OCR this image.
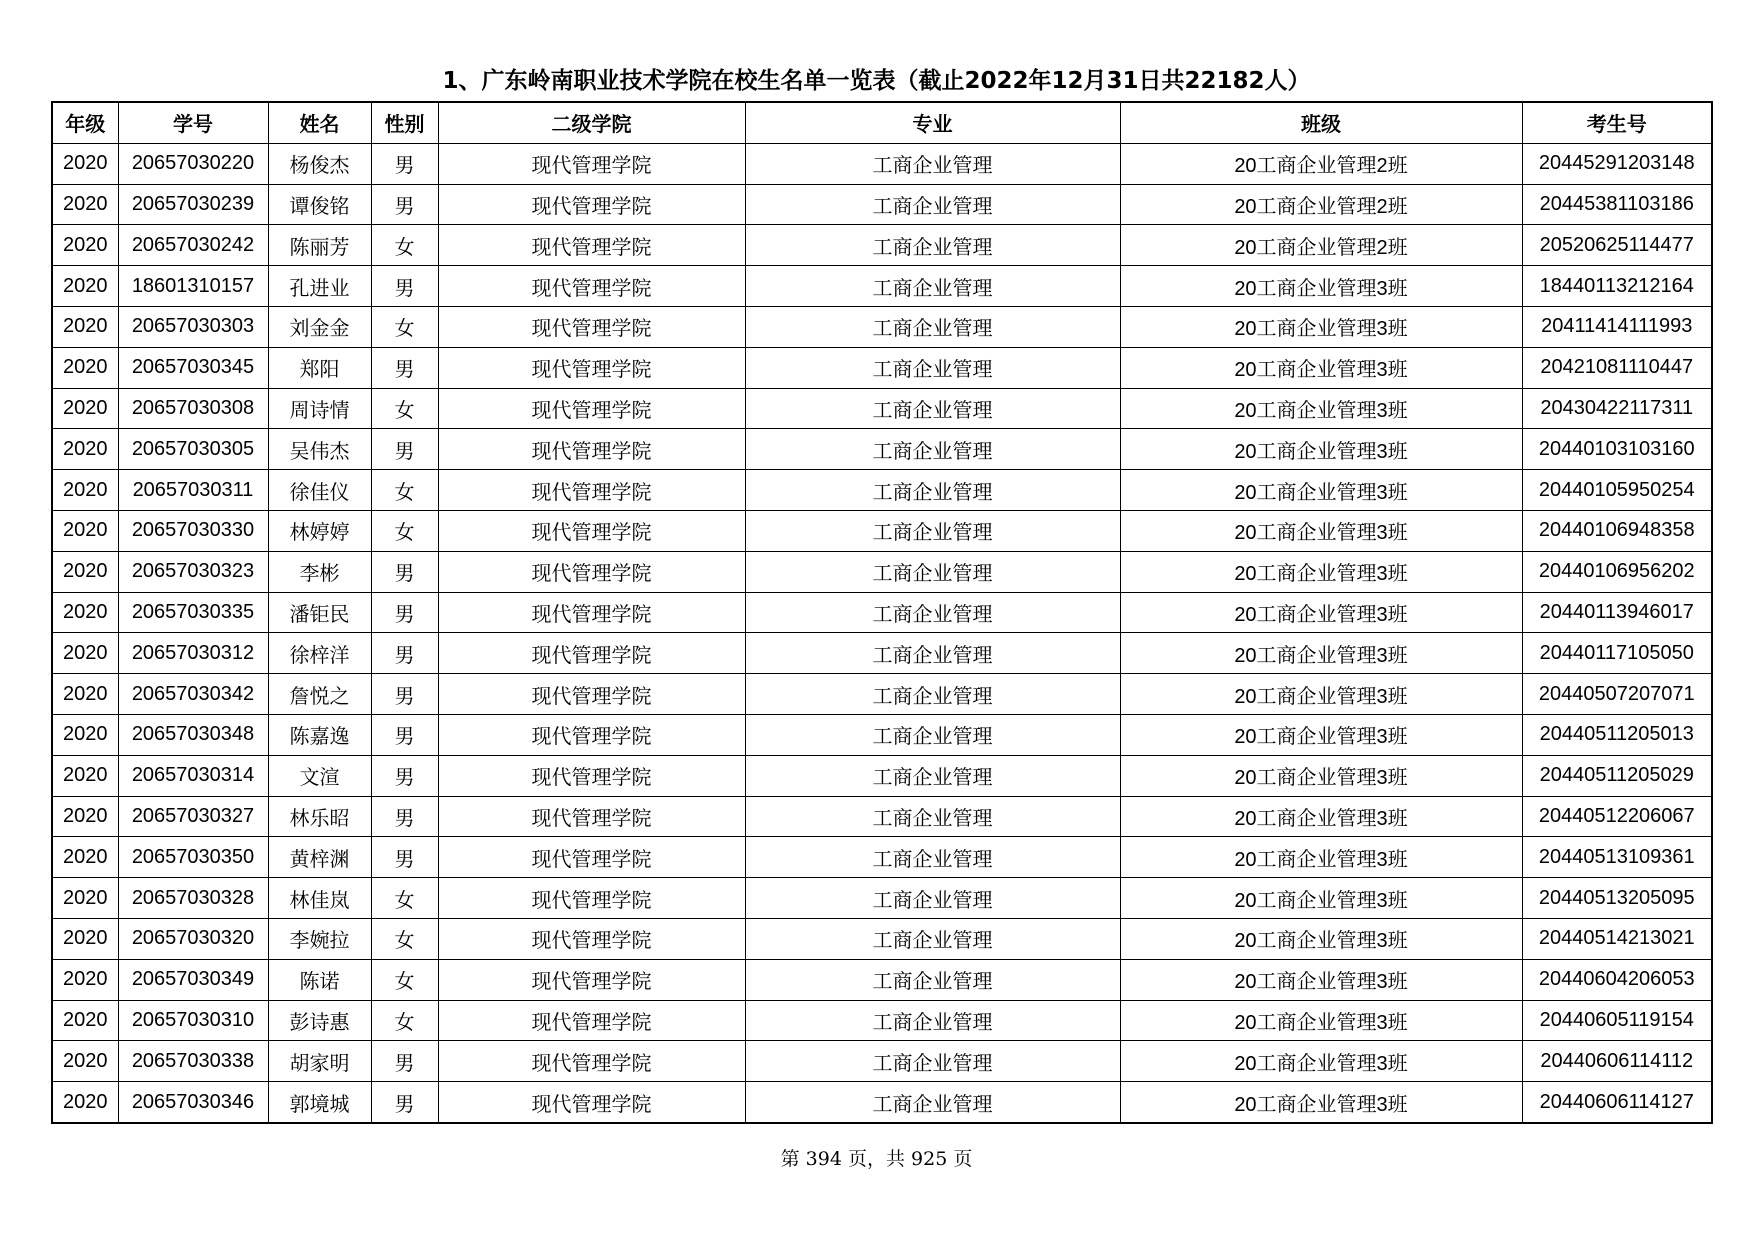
1、广东岭南职业技术学院在校生名单一览表（截止2022年12月31日共22182人）
年级	学号	姓名	性别	二级学院	专业	班级	考生号
2020	20657030220	杨俊杰	男	现代管理学院	工商企业管理	20工商企业管理2班	20445291203148
2020	20657030239	谭俊铭	男	现代管理学院	工商企业管理	20工商企业管理2班	20445381103186
2020	20657030242	陈丽芳	女	现代管理学院	工商企业管理	20工商企业管理2班	20520625114477
2020	18601310157	孔进业	男	现代管理学院	工商企业管理	20工商企业管理3班	18440113212164
2020	20657030303	刘金金	女	现代管理学院	工商企业管理	20工商企业管理3班	20411414111993
2020	20657030345	郑阳	男	现代管理学院	工商企业管理	20工商企业管理3班	20421081110447
2020	20657030308	周诗情	女	现代管理学院	工商企业管理	20工商企业管理3班	20430422117311
2020	20657030305	吴伟杰	男	现代管理学院	工商企业管理	20工商企业管理3班	20440103103160
2020	20657030311	徐佳仪	女	现代管理学院	工商企业管理	20工商企业管理3班	20440105950254
2020	20657030330	林婷婷	女	现代管理学院	工商企业管理	20工商企业管理3班	20440106948358
2020	20657030323	李彬	男	现代管理学院	工商企业管理	20工商企业管理3班	20440106956202
2020	20657030335	潘钜民	男	现代管理学院	工商企业管理	20工商企业管理3班	20440113946017
2020	20657030312	徐梓洋	男	现代管理学院	工商企业管理	20工商企业管理3班	20440117105050
2020	20657030342	詹悦之	男	现代管理学院	工商企业管理	20工商企业管理3班	20440507207071
2020	20657030348	陈嘉逸	男	现代管理学院	工商企业管理	20工商企业管理3班	20440511205013
2020	20657030314	文渲	男	现代管理学院	工商企业管理	20工商企业管理3班	20440511205029
2020	20657030327	林乐昭	男	现代管理学院	工商企业管理	20工商企业管理3班	20440512206067
2020	20657030350	黄梓渊	男	现代管理学院	工商企业管理	20工商企业管理3班	20440513109361
2020	20657030328	林佳岚	女	现代管理学院	工商企业管理	20工商企业管理3班	20440513205095
2020	20657030320	李婉拉	女	现代管理学院	工商企业管理	20工商企业管理3班	20440514213021
2020	20657030349	陈诺	女	现代管理学院	工商企业管理	20工商企业管理3班	20440604206053
2020	20657030310	彭诗惠	女	现代管理学院	工商企业管理	20工商企业管理3班	20440605119154
2020	20657030338	胡家明	男	现代管理学院	工商企业管理	20工商企业管理3班	20440606114112
2020	20657030346	郭境城	男	现代管理学院	工商企业管理	20工商企业管理3班	20440606114127
第 394 页，共 925 页
